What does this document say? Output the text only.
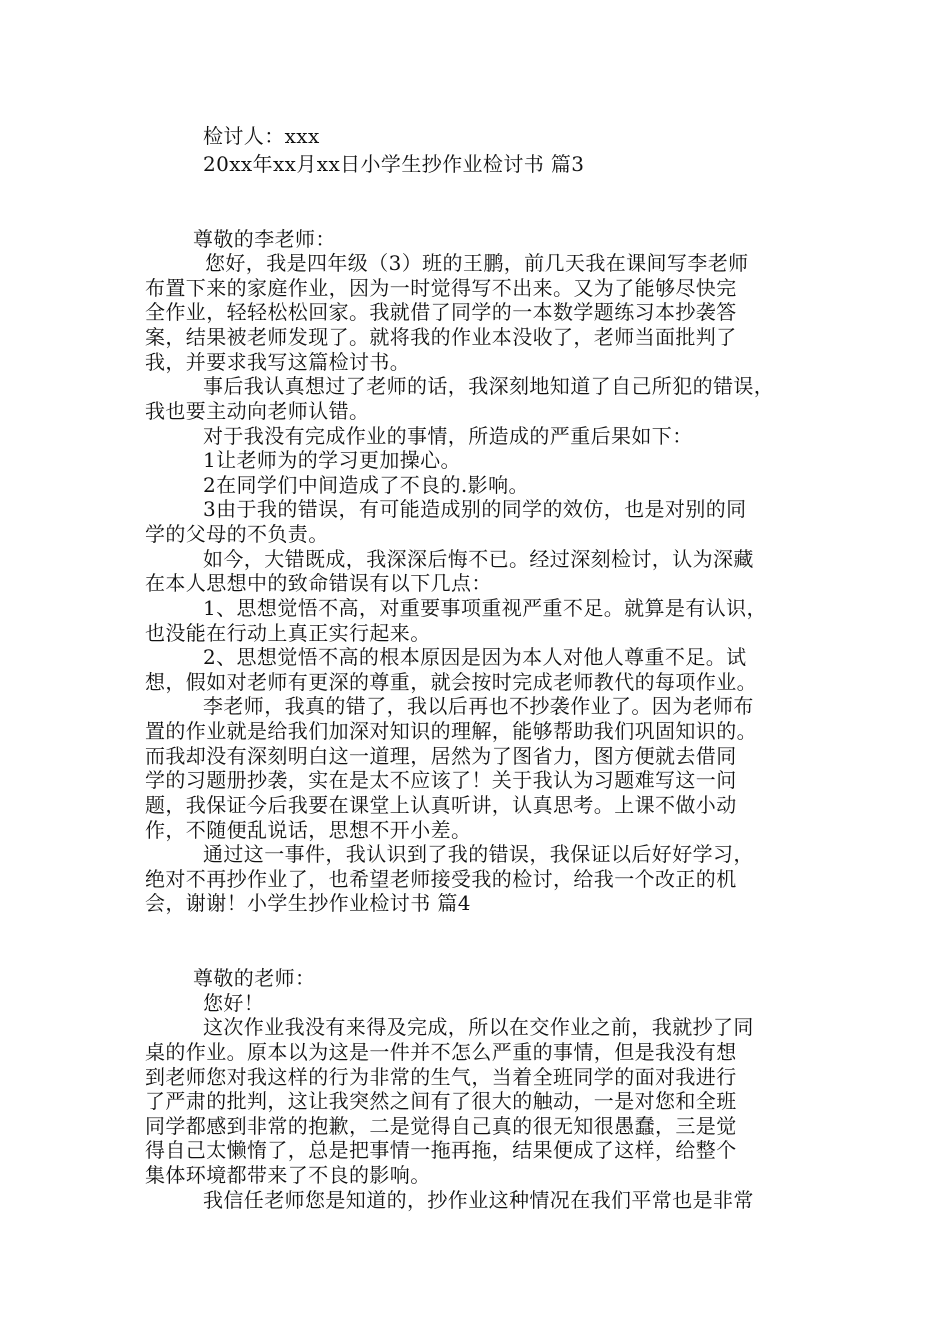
检讨人：xxx
20xx年xx月xx日小学生抄作业检讨书 篇3
尊敬的李老师：
您好，我是四年级（3）班的王鹏，前几天我在课间写李老师
布置下来的家庭作业，因为一时觉得写不出来。又为了能够尽快完
全作业，轻轻松松回家。我就借了同学的一本数学题练习本抄袭答
案，结果被老师发现了。就将我的作业本没收了，老师当面批判了
我，并要求我写这篇检讨书。
事后我认真想过了老师的话，我深刻地知道了自己所犯的错误，
我也要主动向老师认错。
对于我没有完成作业的事情，所造成的严重后果如下：
1让老师为的学习更加操心。
2在同学们中间造成了不良的.影响。
3由于我的错误，有可能造成别的同学的效仿，也是对别的同
学的父母的不负责。
如今，大错既成，我深深后悔不已。经过深刻检讨，认为深藏
在本人思想中的致命错误有以下几点：
1、思想觉悟不高，对重要事项重视严重不足。就算是有认识，
也没能在行动上真正实行起来。
2、思想觉悟不高的根本原因是因为本人对他人尊重不足。试
想，假如对老师有更深的尊重，就会按时完成老师教代的每项作业。
李老师，我真的错了，我以后再也不抄袭作业了。因为老师布
置的作业就是给我们加深对知识的理解，能够帮助我们巩固知识的。
而我却没有深刻明白这一道理，居然为了图省力，图方便就去借同
学的习题册抄袭，实在是太不应该了！关于我认为习题难写这一问
题，我保证今后我要在课堂上认真听讲，认真思考。上课不做小动
作，不随便乱说话，思想不开小差。
通过这一事件，我认识到了我的错误，我保证以后好好学习，
绝对不再抄作业了，也希望老师接受我的检讨，给我一个改正的机
会，谢谢！小学生抄作业检讨书 篇4
尊敬的老师：
您好！
这次作业我没有来得及完成，所以在交作业之前，我就抄了同
桌的作业。原本以为这是一件并不怎么严重的事情，但是我没有想
到老师您对我这样的行为非常的生气，当着全班同学的面对我进行
了严肃的批判，这让我突然之间有了很大的触动，一是对您和全班
同学都感到非常的抱歉，二是觉得自己真的很无知很愚蠢，三是觉
得自己太懒惰了，总是把事情一拖再拖，结果便成了这样，给整个
集体环境都带来了不良的影响。
我信任老师您是知道的，抄作业这种情况在我们平常也是非常
